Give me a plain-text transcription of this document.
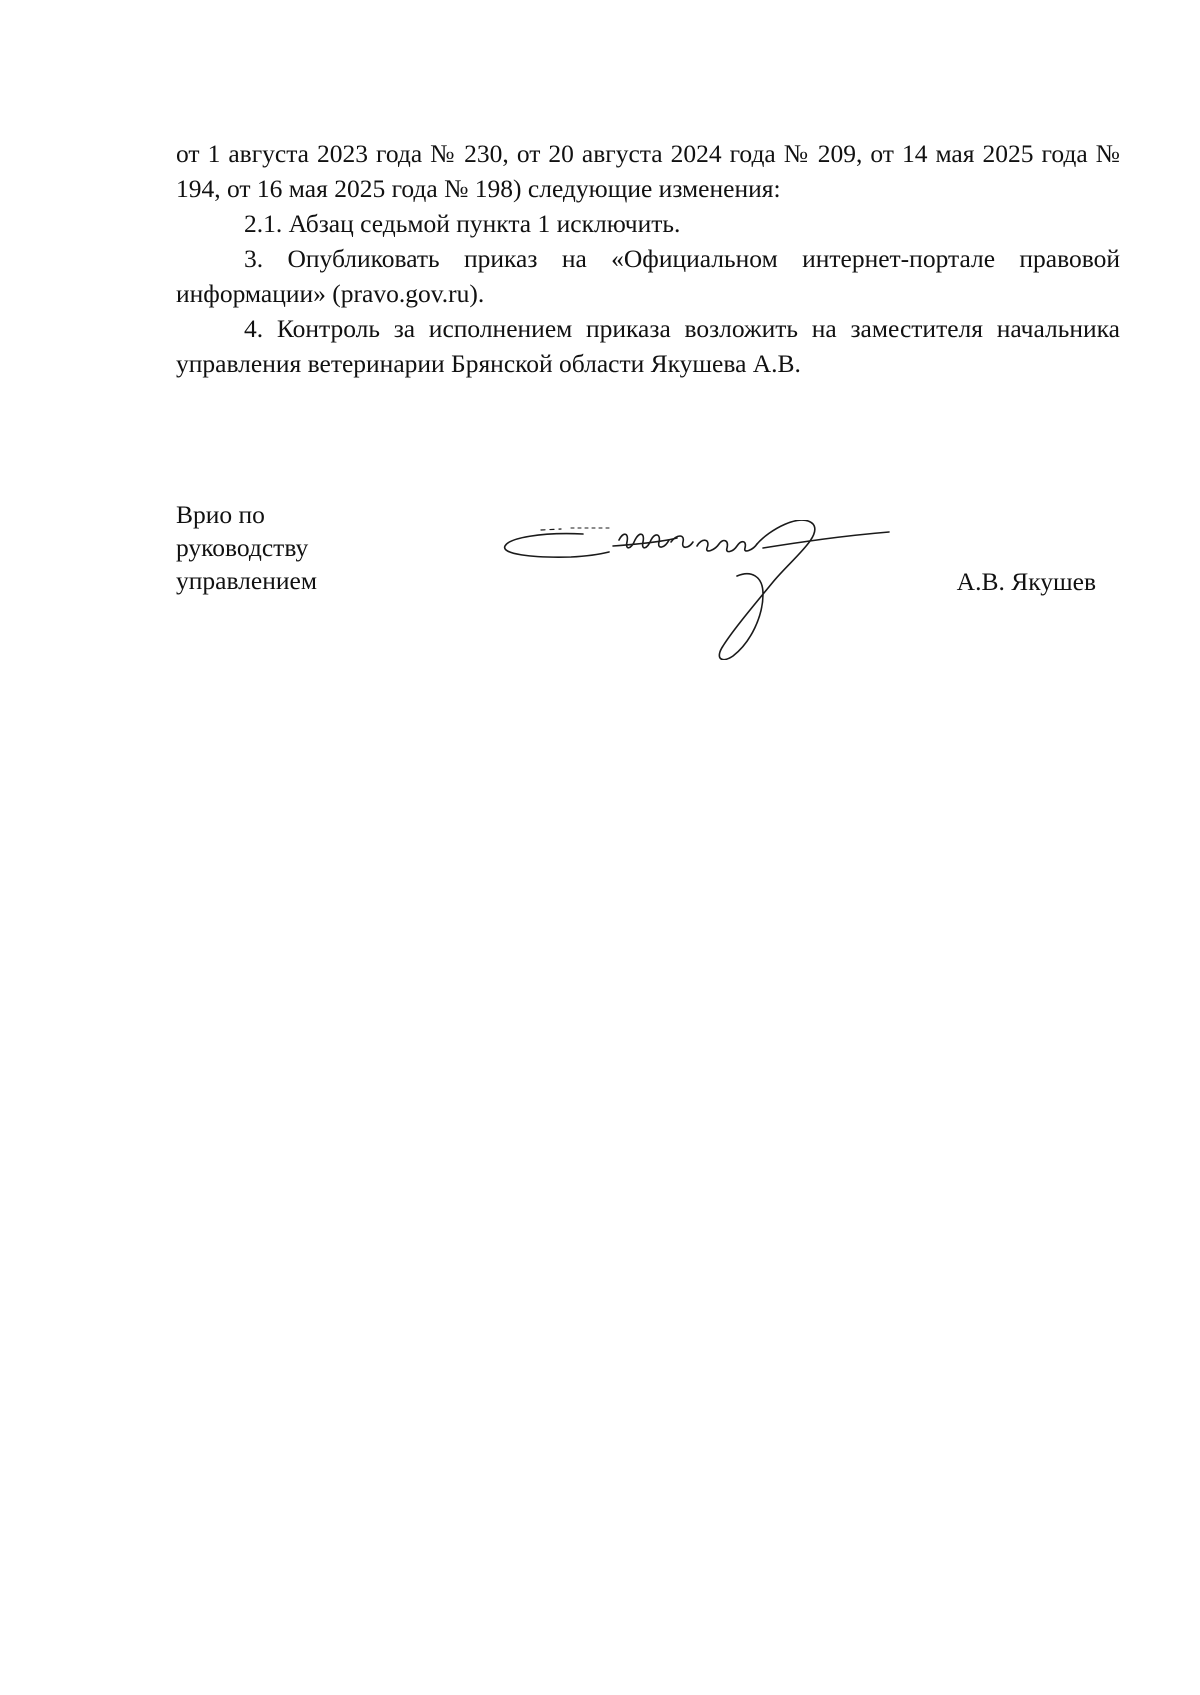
от 1 августа 2023 года № 230, от 20 августа 2024 года № 209, от 14 мая 2025 года № 194, от 16 мая 2025 года № 198) следующие изменения:

2.1. Абзац седьмой пункта 1 исключить.

3. Опубликовать приказ на «Официальном интернет-портале правовой информации» (pravo.gov.ru).

4. Контроль за исполнением приказа возложить на заместителя начальника управления ветеринарии Брянской области Якушева А.В.

Врио по
руководству
управлением	А.В. Якушев
